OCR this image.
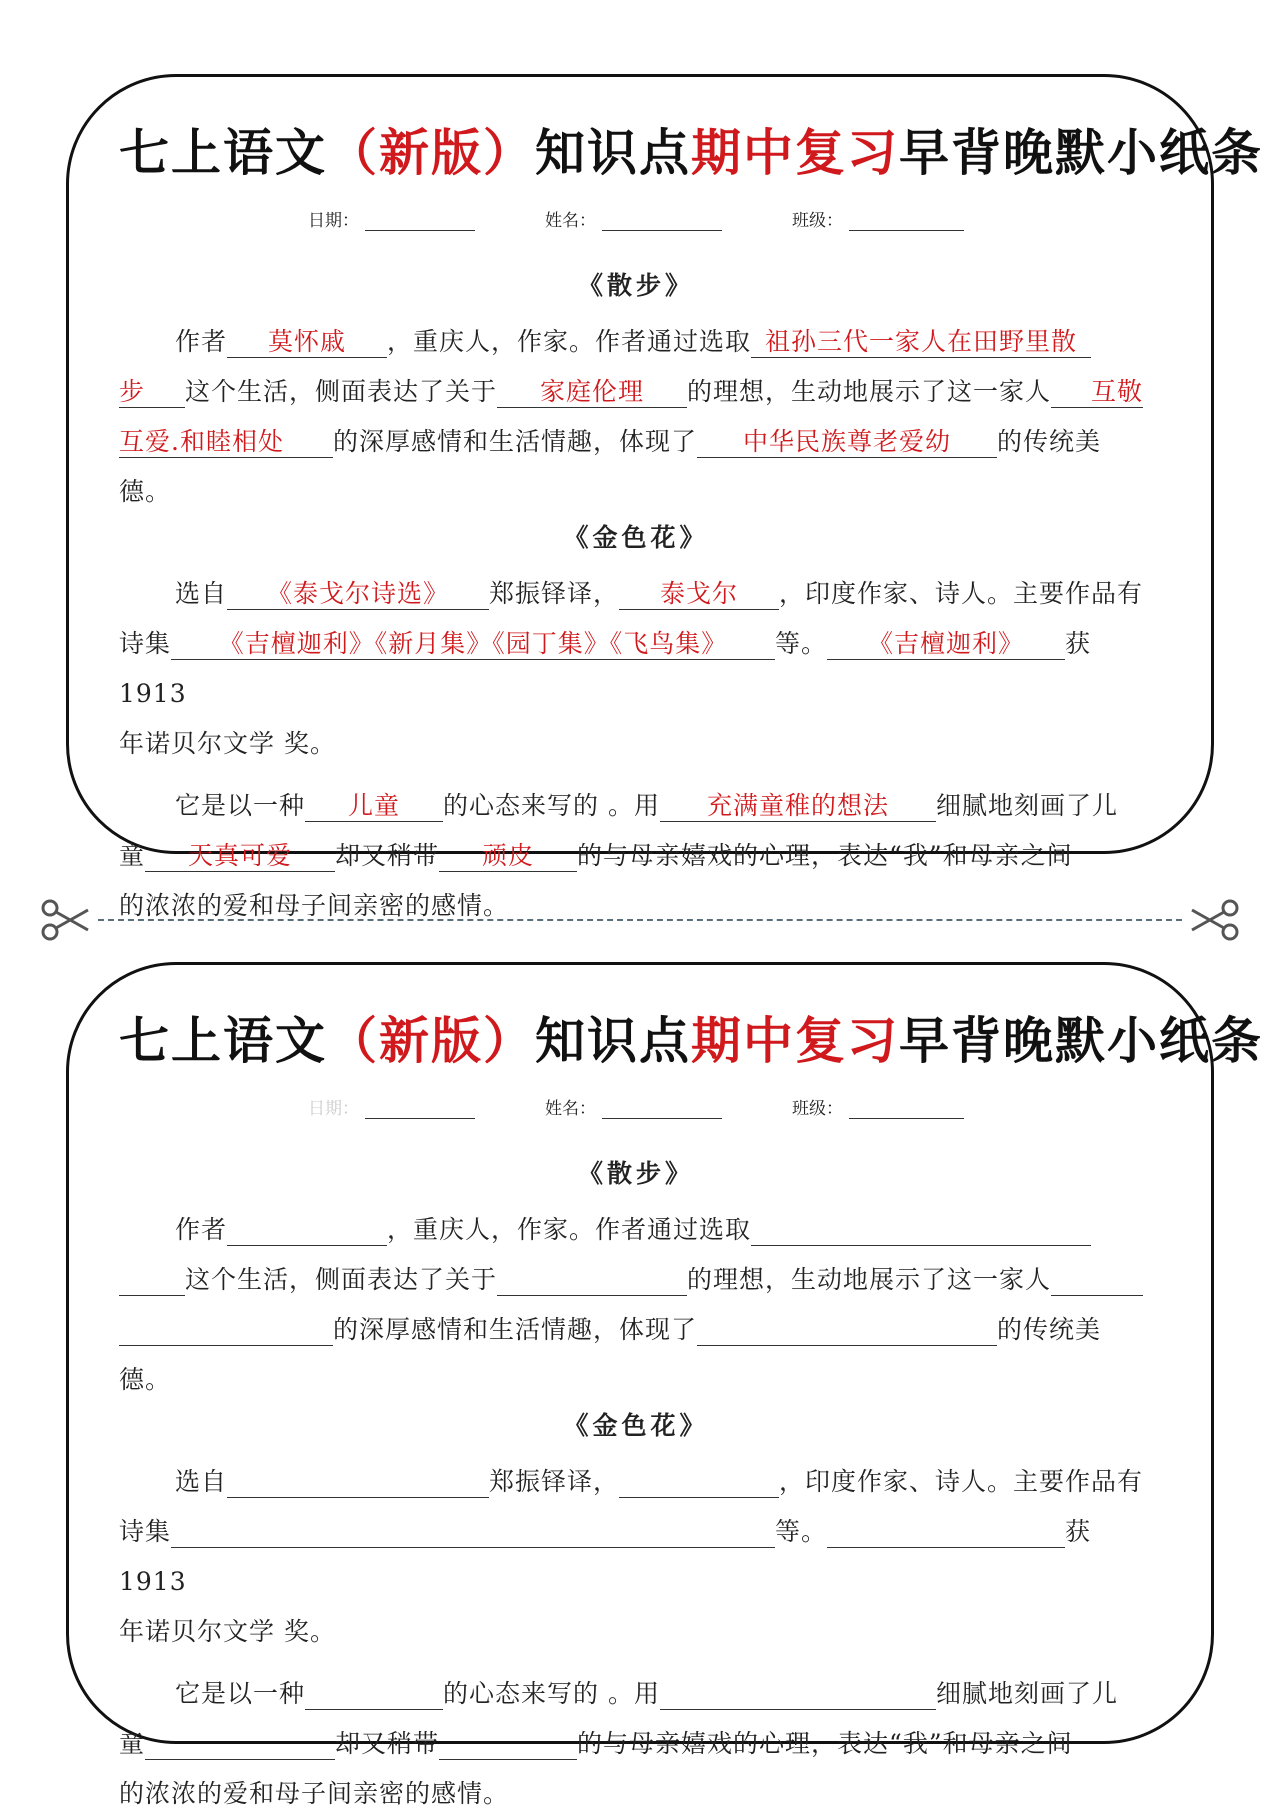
七上语文（新版）知识点期中复习早背晚默小纸条
日期：	姓名：	班级：
《散步》

作者 莫怀戚 ，重庆人，作家。作者通过选取 祖孙三代一家人在田野里散

步 这个生活，侧面表达了关于 家庭伦理 的理想，生动地展示了这一家人 互敬

互爱.和睦相处 的深厚感情和生活情趣，体现了 中华民族尊老爱幼 的传统美德。

《金色花》

选自 《泰戈尔诗选》 郑振铎译， 泰戈尔 ，印度作家、诗人。主要作品有

诗集 《吉檀迦利》《新月集》《园丁集》《飞鸟集》 等。 《吉檀迦利》 获 1913

年诺贝尔文学 奖。

它是以一种 儿童 的心态来写的 。用 充满童稚的想法 细腻地刻画了儿

童 天真可爱 却又稍带 顽皮 的与母亲嬉戏的心理，表达“我”和母亲之间

的浓浓的爱和母子间亲密的感情。

七上语文（新版）知识点期中复习早背晚默小纸条
日期：	姓名：	班级：
《散步》

作者	，重庆人，作家。作者通过选取

这个生活，侧面表达了关于	的理想，生动地展示了这一家人

的深厚感情和生活情趣，体现了	的传统美德。

《金色花》

选自	郑振铎译，	，印度作家、诗人。主要作品有

诗集	等。	获 1913

年诺贝尔文学 奖。

它是以一种	的心态来写的 。用	细腻地刻画了儿

童	却又稍带	的与母亲嬉戏的心理，表达“我”和母亲之间

的浓浓的爱和母子间亲密的感情。
